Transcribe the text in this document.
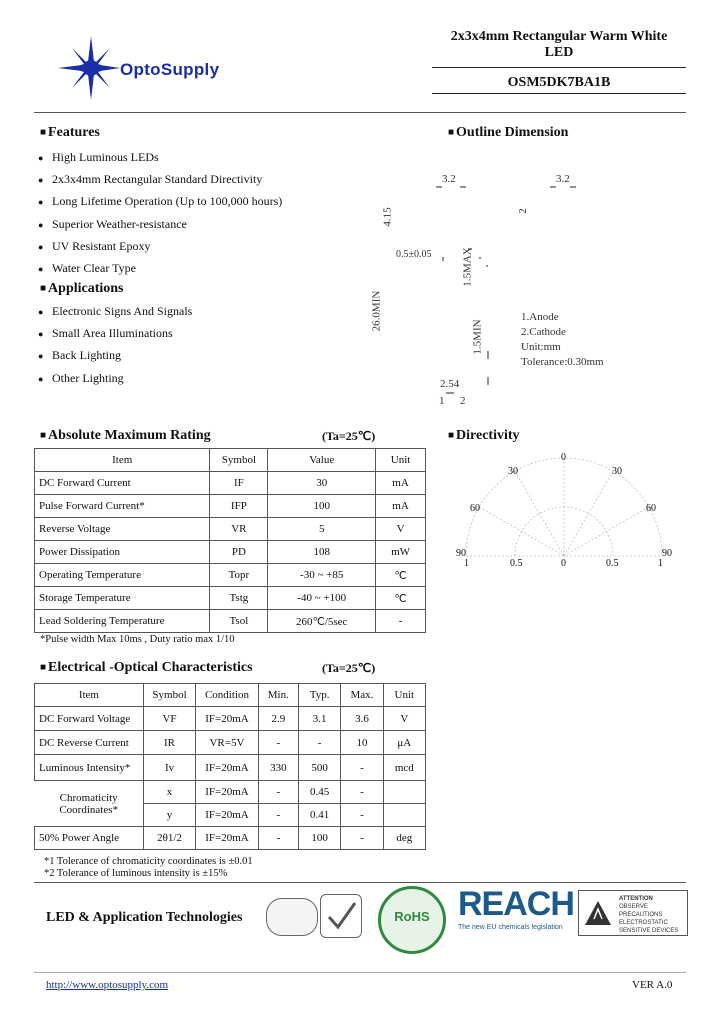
OptoSupply
2x3x4mm Rectangular Warm White
LED
OSM5DK7BA1B
■ Features
● High Luminous LEDs
● 2x3x4mm Rectangular Standard Directivity
● Long Lifetime Operation (Up to 100,000 hours)
● Superior Weather-resistance
● UV Resistant Epoxy
● Water Clear Type
■ Applications
● Electronic Signs And Signals
● Small Area Illuminations
● Back Lighting
● Other Lighting
■ Outline Dimension
3.2	3.2
4.15	2
0.5±0.05	1.5MAX
26.0MIN
1.5MIN
2.54
1 2
1.Anode
2.Cathode
Unit:mm
Tolerance:0.30mm
■ Absolute Maximum Rating	(Ta=25℃)
Item	Symbol	Value	Unit
DC Forward Current	IF	30	mA
Pulse Forward Current*	IFP	100	mA
Reverse Voltage	VR	5	V
Power Dissipation	PD	108	mW
Operating Temperature	Topr	-30 ~ +85	℃
Storage Temperature	Tstg	-40 ~ +100	℃
Lead Soldering Temperature	Tsol	260℃/5sec	-
*Pulse width Max 10ms , Duty ratio max 1/10
■ Directivity
0
30	30
60	60
90	90
1	0.5	0	0.5	1
■ Electrical -Optical Characteristics	(Ta=25℃)
Item	Symbol	Condition	Min.	Typ.	Max.	Unit
DC Forward Voltage	VF	IF=20mA	2.9	3.1	3.6	V
DC Reverse Current	IR	VR=5V	-	-	10	μA
Luminous Intensity*	Iv	IF=20mA	330	500	-	mcd

Chromaticity
Coordinates*	x	IF=20mA	-	0.45	-	
	y	IF=20mA	-	0.41	-	
50% Power Angle	2θ1/2	IF=20mA	-	100	-	deg
*1 Tolerance of chromaticity coordinates is ±0.01
*2 Tolerance of luminous intensity is ±15%
LED & Application Technologies	RoHS REACH
The new EU chemicals legislation
ATTENTION
OBSERVE PRECAUTIONS
ELECTROSTATIC
SENSITIVE DEVICES
http://www.optosupply.com	VER A.0
